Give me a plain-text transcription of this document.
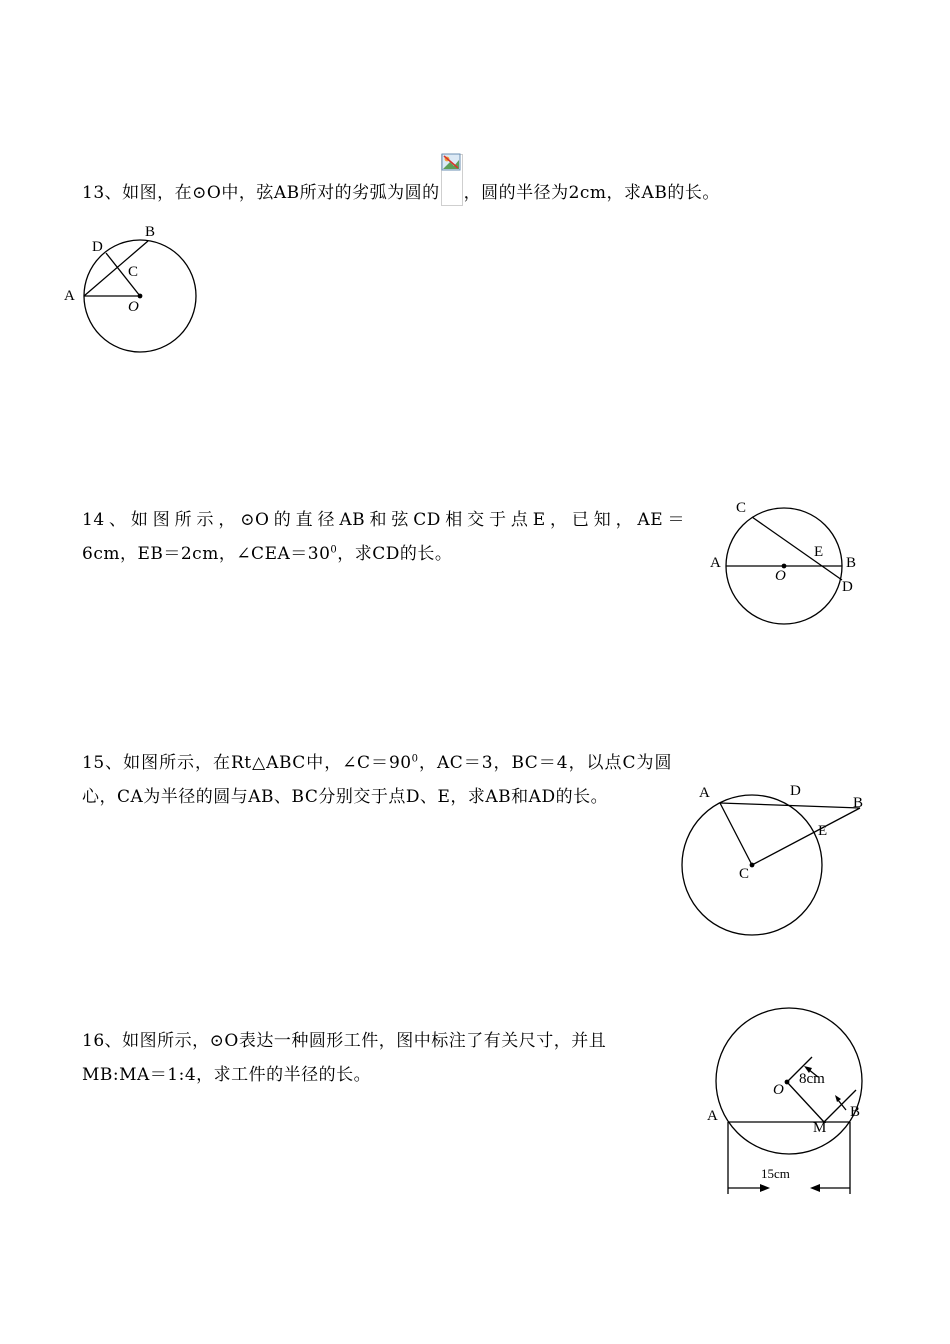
13、如图，在⊙O中，弦AB所对的劣弧为圆的 ，圆的半径为2cm，求AB的长。

A
B
D
C
O

14、如图所示，⊙O的直径AB和弦CD相交于点E，已知，AE＝

6cm，EB＝2cm，$\angle CEA=30^0$，求CD的长。	A	B
C
D
E
O

15、如图所示，在Rt△ABC中，$\angle C=90^0$，AC＝3，BC＝4，以点C为圆

心，CA为半径的圆与AB、BC分别交于点D、E，求AB和AD的长。	A	D
B
E
C

16、如图所示，⊙O表达一种圆形工件，图中标注了有关尺寸，并且

MB:MA＝1:4，求工件的半径的长。

O
8cm
A
M
B
15cm
